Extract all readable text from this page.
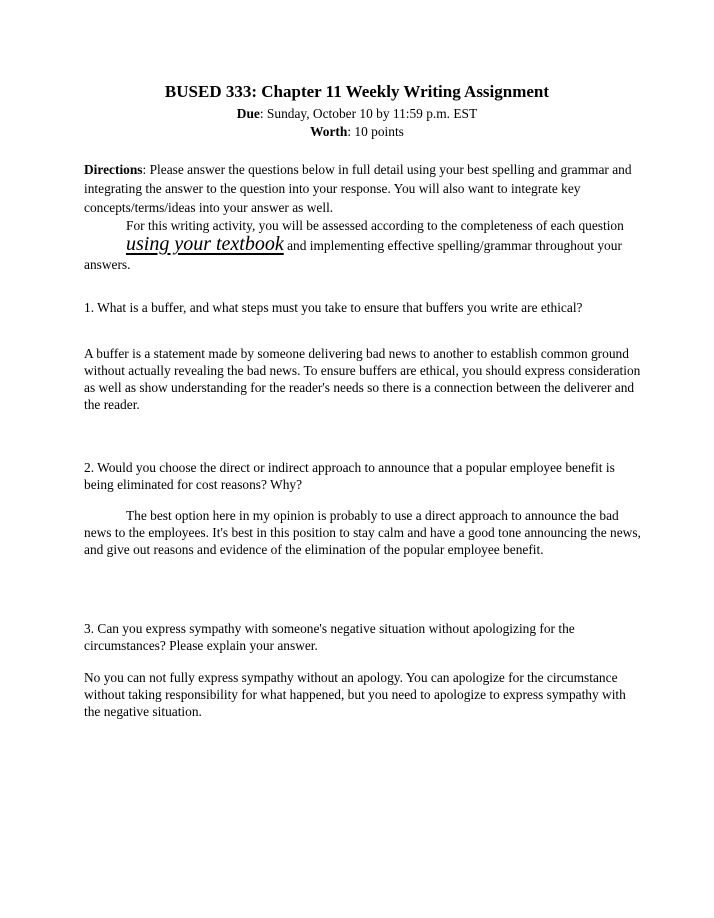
BUSED 333: Chapter 11 Weekly Writing Assignment
Due: Sunday, October 10 by 11:59 p.m. EST
Worth: 10 points

Directions: Please answer the questions below in full detail using your best spelling and grammar and integrating the answer to the question into your response. You will also want to integrate key concepts/terms/ideas into your answer as well.

For this writing activity, you will be assessed according to the completeness of each question using your textbook and implementing effective spelling/grammar throughout your answers.

1. What is a buffer, and what steps must you take to ensure that buffers you write are ethical?

A buffer is a statement made by someone delivering bad news to another to establish common ground without actually revealing the bad news. To ensure buffers are ethical, you should express consideration as well as show understanding for the reader's needs so there is a connection between the deliverer and the reader.

2. Would you choose the direct or indirect approach to announce that a popular employee benefit is being eliminated for cost reasons? Why?

The best option here in my opinion is probably to use a direct approach to announce the bad news to the employees. It's best in this position to stay calm and have a good tone announcing the news, and give out reasons and evidence of the elimination of the popular employee benefit.

3. Can you express sympathy with someone's negative situation without apologizing for the circumstances? Please explain your answer.

No you can not fully express sympathy without an apology. You can apologize for the circumstance without taking responsibility for what happened, but you need to apologize to express sympathy with the negative situation.
